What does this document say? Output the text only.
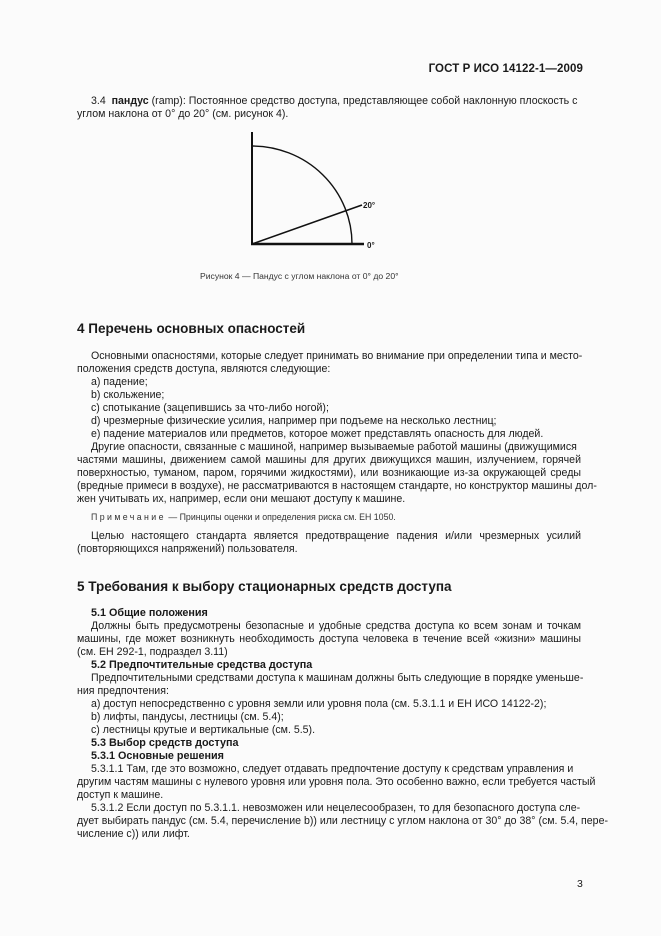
ГОСТ Р ИСО 14122-1—2009
3.4 пандус (ramp): Постоянное средство доступа, представляющее собой наклонную плоскость с
углом наклона от 0° до 20° (см. рисунок 4).
20°
0°
Рисунок 4 — Пандус с углом наклона от 0° до 20°
4 Перечень основных опасностей
Основными опасностями, которые следует принимать во внимание при определении типа и место-
положения средств доступа, являются следующие:
a) падение;
b) скольжение;
c) спотыкание (зацепившись за что-либо ногой);
d) чрезмерные физические усилия, например при подъеме на несколько лестниц;
e) падение материалов или предметов, которое может представлять опасность для людей.
Другие опасности, связанные с машиной, например вызываемые работой машины (движущимися
частями машины, движением самой машины для других движущихся машин, излучением, горячей
поверхностью, туманом, паром, горячими жидкостями), или возникающие из-за окружающей среды
(вредные примеси в воздухе), не рассматриваются в настоящем стандарте, но конструктор машины дол-
жен учитывать их, например, если они мешают доступу к машине.
Примечание — Принципы оценки и определения риска см. ЕН 1050.
Целью настоящего стандарта является предотвращение падения и/или чрезмерных усилий
(повторяющихся напряжений) пользователя.
5 Требования к выбору стационарных средств доступа
5.1 Общие положения
Должны быть предусмотрены безопасные и удобные средства доступа ко всем зонам и точкам
машины, где может возникнуть необходимость доступа человека в течение всей «жизни» машины
(см. ЕН 292-1, подраздел 3.11)
5.2 Предпочтительные средства доступа
Предпочтительными средствами доступа к машинам должны быть следующие в порядке уменьше-
ния предпочтения:
a) доступ непосредственно с уровня земли или уровня пола (см. 5.3.1.1 и ЕН ИСО 14122-2);
b) лифты, пандусы, лестницы (см. 5.4);
c) лестницы крутые и вертикальные (см. 5.5).
5.3 Выбор средств доступа
5.3.1 Основные решения
5.3.1.1 Там, где это возможно, следует отдавать предпочтение доступу к средствам управления и
другим частям машины с нулевого уровня или уровня пола. Это особенно важно, если требуется частый
доступ к машине.
5.3.1.2 Если доступ по 5.3.1.1. невозможен или нецелесообразен, то для безопасного доступа сле-
дует выбирать пандус (см. 5.4, перечисление b)) или лестницу с углом наклона от 30° до 38° (см. 5.4, пере-
числение c)) или лифт.
3
